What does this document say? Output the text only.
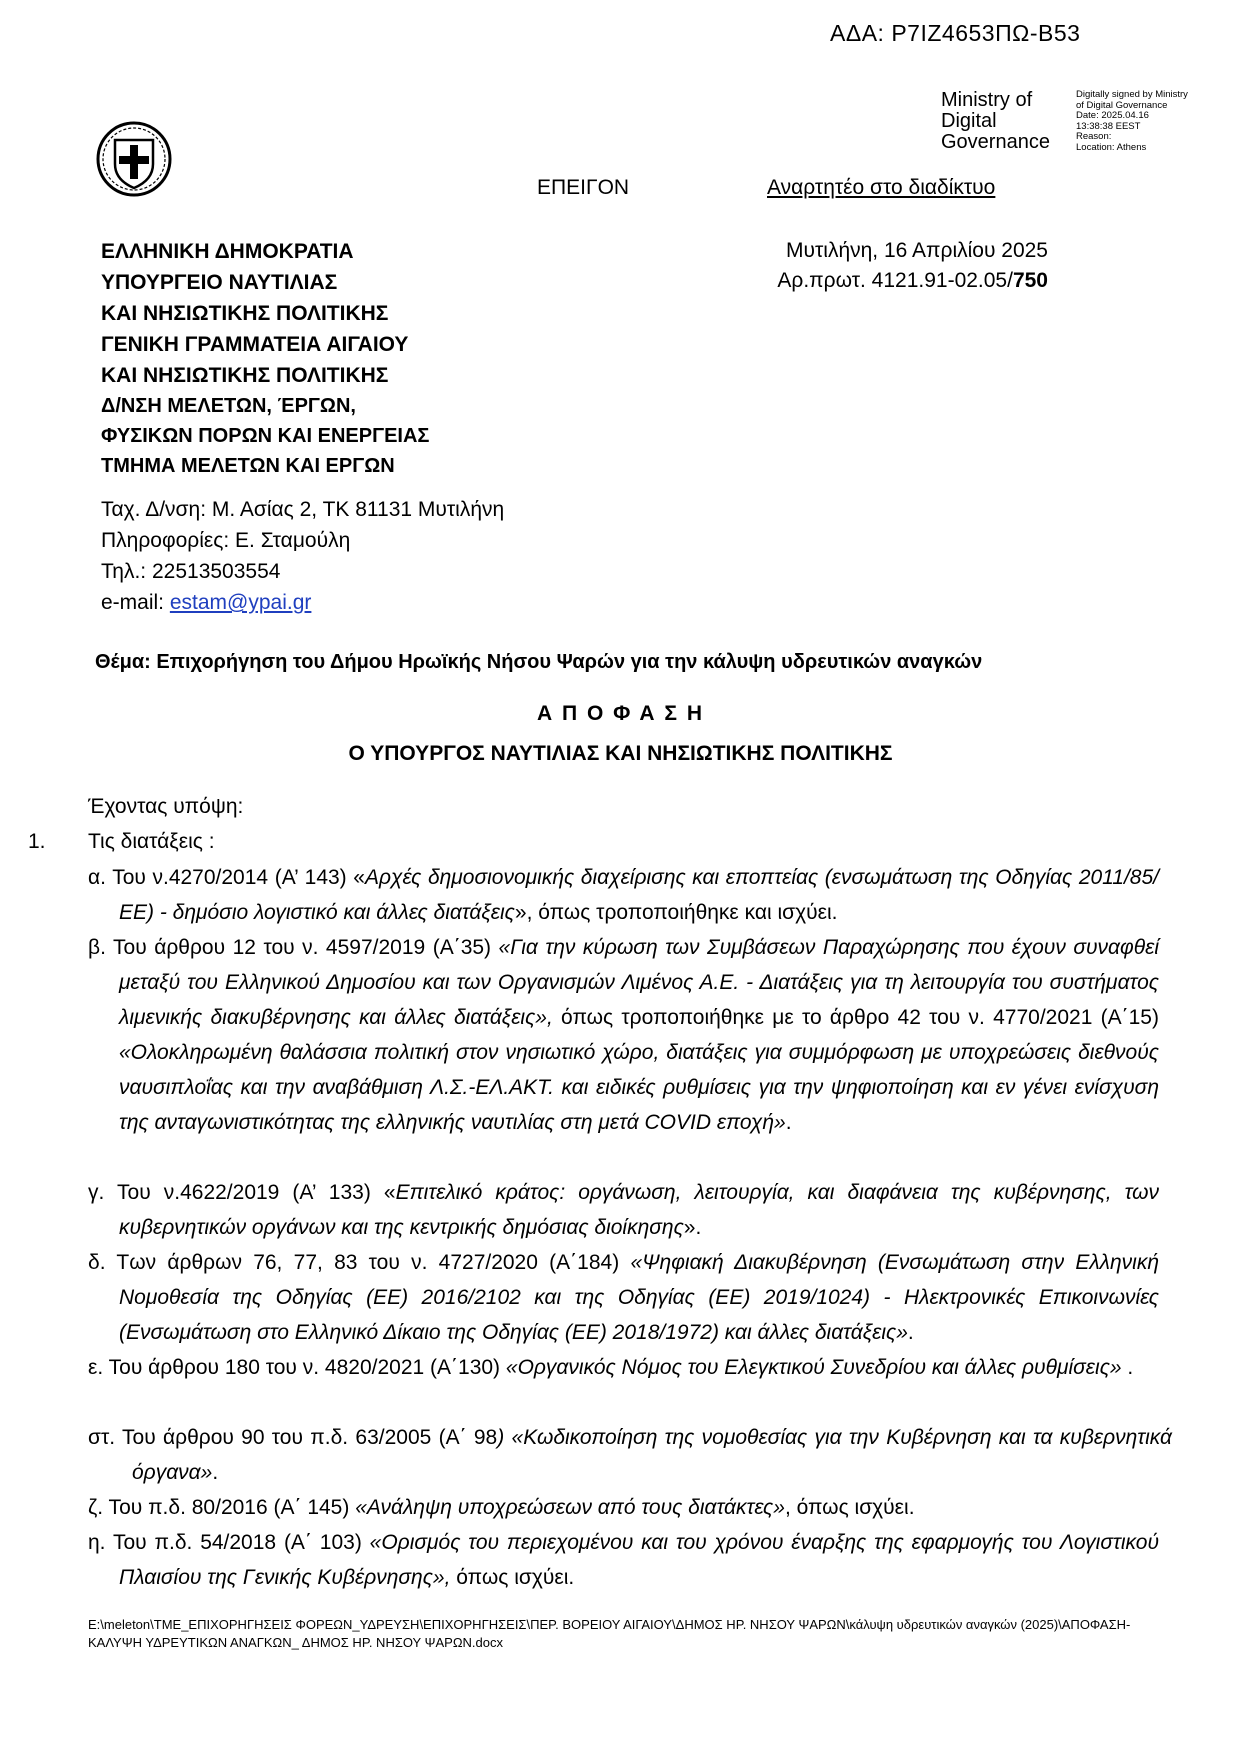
ΑΔΑ: Ρ7ΙΖ4653ΠΩ-Β53
Ministry of
Digital
Governance
Digitally signed by Ministry
of Digital Governance
Date: 2025.04.16
13:38:38 EEST
Reason:
Location: Athens
ΕΠΕΙΓΟΝ	Αναρτητέο στο διαδίκτυο
Μυτιλήνη, 16 Απριλίου 2025
Αρ.πρωτ. 4121.91-02.05/750
ΕΛΛΗΝΙΚΗ ΔΗΜΟΚΡΑΤΙΑ
ΥΠΟΥΡΓΕΙΟ ΝΑΥΤΙΛΙΑΣ
ΚΑΙ ΝΗΣΙΩΤΙΚΗΣ ΠΟΛΙΤΙΚΗΣ
ΓΕΝΙΚΗ ΓΡΑΜΜΑΤΕΙΑ ΑΙΓΑΙΟΥ
ΚΑΙ ΝΗΣΙΩΤΙΚΗΣ ΠΟΛΙΤΙΚΗΣ
Δ/ΝΣΗ ΜΕΛΕΤΩΝ, ΈΡΓΩΝ,
ΦΥΣΙΚΩΝ ΠΟΡΩΝ ΚΑΙ ΕΝΕΡΓΕΙΑΣ
ΤΜΗΜΑ ΜΕΛΕΤΩΝ ΚΑΙ ΕΡΓΩΝ
Ταχ. Δ/νση: Μ. Ασίας 2, ΤΚ 81131 Μυτιλήνη
Πληροφορίες: Ε. Σταμούλη
Τηλ.: 22513503554
e-mail: estam@ypai.gr
Θέμα: Επιχορήγηση του Δήμου Ηρωϊκής Νήσου Ψαρών για την κάλυψη υδρευτικών αναγκών
Α Π Ο Φ Α Σ Η
Ο ΥΠΟΥΡΓΟΣ ΝΑΥΤΙΛΙΑΣ ΚΑΙ ΝΗΣΙΩΤΙΚΗΣ ΠΟΛΙΤΙΚΗΣ
Έχοντας υπόψη:
1. Τις διατάξεις :
α. Του ν.4270/2014 (Α’ 143) «Αρχές δημοσιονομικής διαχείρισης και εποπτείας (ενσωμάτωση της Οδηγίας 2011/85/ΕΕ) - δημόσιο λογιστικό και άλλες διατάξεις», όπως τροποποιήθηκε και ισχύει.
β. Του άρθρου 12 του ν. 4597/2019 (Α΄35) «Για την κύρωση των Συμβάσεων Παραχώρησης που έχουν συναφθεί μεταξύ του Ελληνικού Δημοσίου και των Οργανισμών Λιμένος Α.Ε. - Διατάξεις για τη λειτουργία του συστήματος λιμενικής διακυβέρνησης και άλλες διατάξεις», όπως τροποποιήθηκε με το άρθρο 42 του ν. 4770/2021 (Α΄15) «Ολοκληρωμένη θαλάσσια πολιτική στον νησιωτικό χώρο, διατάξεις για συμμόρφωση με υποχρεώσεις διεθνούς ναυσιπλοΐας και την αναβάθμιση Λ.Σ.-ΕΛ.ΑΚΤ. και ειδικές ρυθμίσεις για την ψηφιοποίηση και εν γένει ενίσχυση της ανταγωνιστικότητας της ελληνικής ναυτιλίας στη μετά COVID εποχή».
γ. Του ν.4622/2019 (Α’ 133) «Επιτελικό κράτος: οργάνωση, λειτουργία, και διαφάνεια της κυβέρνησης, των κυβερνητικών οργάνων και της κεντρικής δημόσιας διοίκησης».
δ. Των άρθρων 76, 77, 83 του ν. 4727/2020 (Α΄184) «Ψηφιακή Διακυβέρνηση (Ενσωμάτωση στην Ελληνική Νομοθεσία της Οδηγίας (ΕΕ) 2016/2102 και της Οδηγίας (ΕΕ) 2019/1024) - Ηλεκτρονικές Επικοινωνίες (Ενσωμάτωση στο Ελληνικό Δίκαιο της Οδηγίας (ΕΕ) 2018/1972) και άλλες διατάξεις».
ε. Του άρθρου 180 του ν. 4820/2021 (Α΄130) «Οργανικός Νόμος του Ελεγκτικού Συνεδρίου και άλλες ρυθμίσεις» .
στ. Του άρθρου 90 του π.δ. 63/2005 (Α΄ 98) «Κωδικοποίηση της νομοθεσίας για την Κυβέρνηση και τα κυβερνητικά όργανα».
ζ. Του π.δ. 80/2016 (Α΄ 145) «Ανάληψη υποχρεώσεων από τους διατάκτες», όπως ισχύει.
η. Του π.δ. 54/2018 (Α΄ 103) «Ορισμός του περιεχομένου και του χρόνου έναρξης της εφαρμογής του Λογιστικού Πλαισίου της Γενικής Κυβέρνησης», όπως ισχύει.
E:\meleton\ΤΜΕ_ΕΠΙΧΟΡΗΓΗΣΕΙΣ ΦΟΡΕΩΝ_ΥΔΡΕΥΣΗ\ΕΠΙΧΟΡΗΓΗΣΕΙΣ\ΠΕΡ. ΒΟΡΕΙΟΥ ΑΙΓΑΙΟΥ\ΔΗΜΟΣ ΗΡ. ΝΗΣΟΥ ΨΑΡΩΝ\κάλυψη υδρευτικών αναγκών (2025)\ΑΠΟΦΑΣΗ-ΚΑΛΥΨΗ ΥΔΡΕΥΤΙΚΩΝ ΑΝΑΓΚΩΝ_ ΔΗΜΟΣ ΗΡ. ΝΗΣΟΥ ΨΑΡΩΝ.docx
